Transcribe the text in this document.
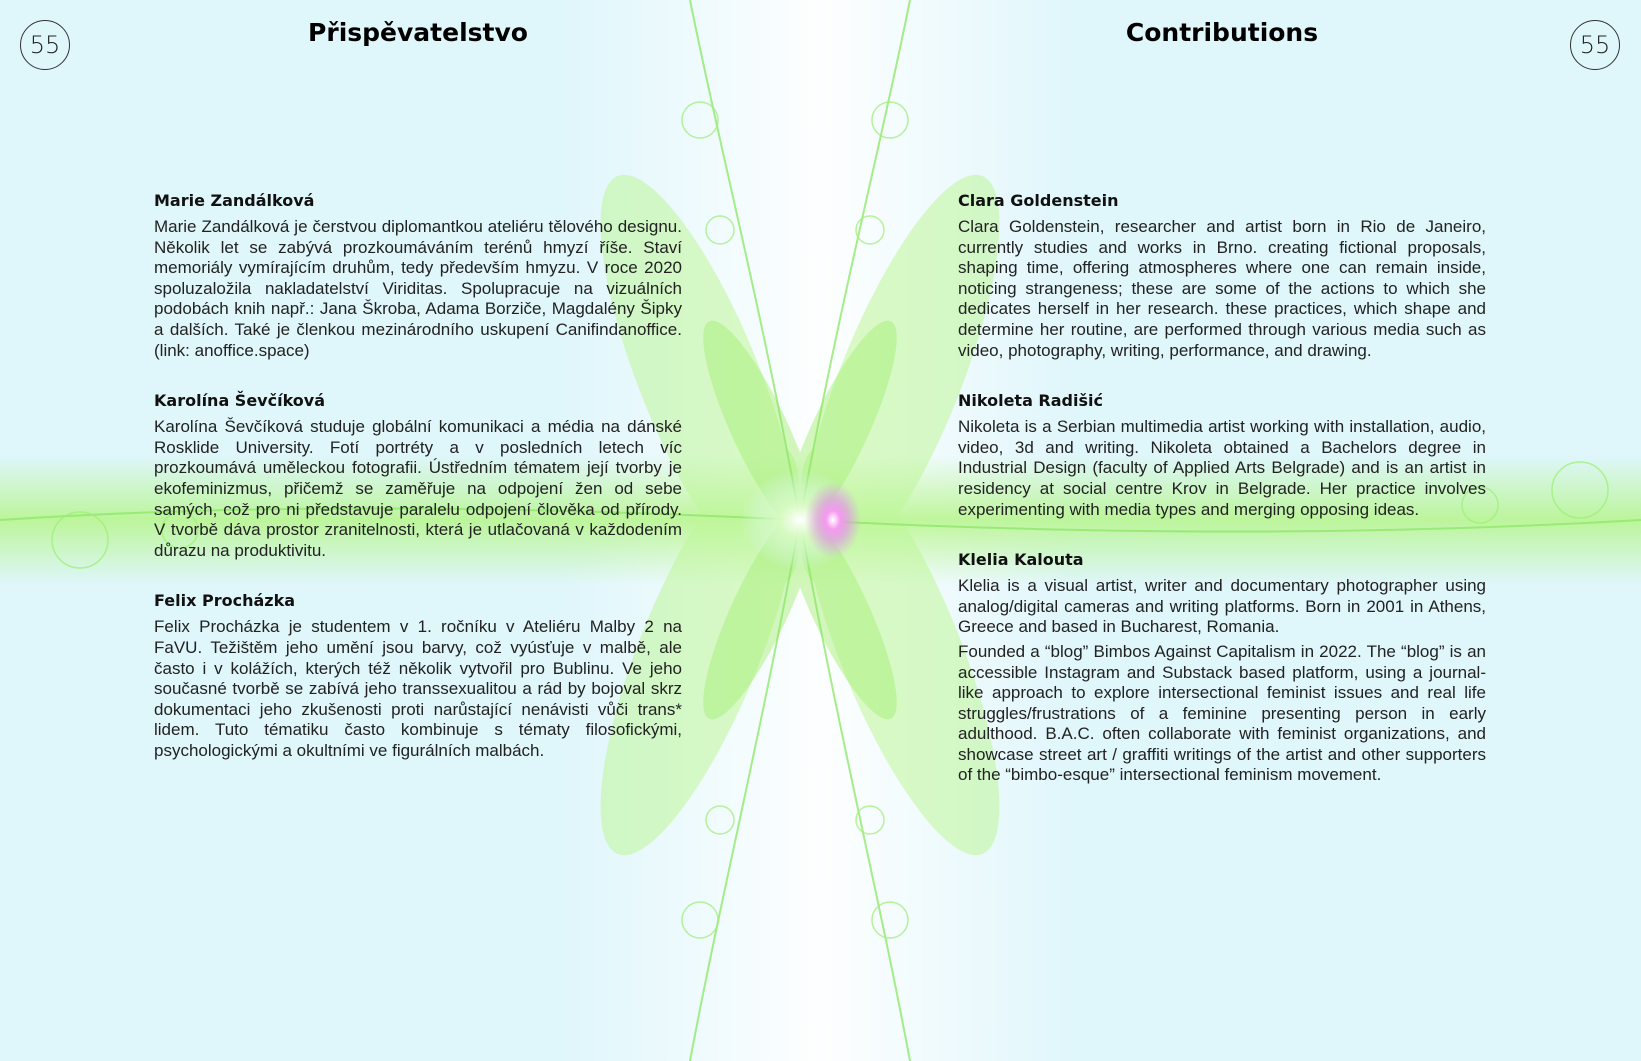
55	55
Přispěvatelstvo	Contributions
Marie Zandálková

Marie Zandálková je čerstvou diplomantkou ateliéru tělového designu. Několik let se zabývá prozkoumáváním terénů hmyzí říše. Staví memoriály vymírajícím druhům, tedy především hmyzu. V roce 2020 spoluzaložila nakladatelství Viriditas. Spolupracuje na vizuálních podobách knih např.: Jana Škroba, Adama Borziče, Magdalény Šipky a dalších. Také je členkou mezinárodního uskupení Canifindanoffice. (link: anoffice.space)

Karolína Ševčíková

Karolína Ševčíková studuje globální komunikaci a média na dánské Rosklide University. Fotí portréty a v posledních letech víc prozkoumává uměleckou fotografii. Ústředním tématem její tvorby je ekofeminizmus, přičemž se zaměřuje na odpojení žen od sebe samých, což pro ni představuje paralelu odpojení člověka od přírody. V tvorbě dáva prostor zranitelnosti, která je utlačovaná v každodením důrazu na produktivitu.

Felix Procházka

Felix Procházka je studentem v 1. ročníku v Ateliéru Malby 2 na FaVU. Težištěm jeho umění jsou barvy, což vyúsťuje v malbě, ale často i v kolážích, kterých též několik vytvořil pro Bublinu. Ve jeho současné tvorbě se zabívá jeho transsexualitou a rád by bojoval skrz dokumentaci jeho zkušenosti proti narůstající nenávisti vůči trans* lidem. Tuto tématiku často kombinuje s tématy filosofickými, psychologickými a okultními ve figurálních malbách.

Clara Goldenstein

Clara Goldenstein, researcher and artist born in Rio de Janeiro, currently studies and works in Brno. creating fictional proposals, shaping time, offering atmospheres where one can remain inside, noticing strangeness; these are some of the actions to which she dedicates herself in her research. these practices, which shape and determine her routine, are performed through various media such as video, photography, writing, performance, and drawing.

Nikoleta Radišić

Nikoleta is a Serbian multimedia artist working with installation, audio, video, 3d and writing. Nikoleta obtained a Bachelors degree in Industrial Design (faculty of Applied Arts Belgrade) and is an artist in residency at social centre Krov in Belgrade. Her practice involves experimenting with media types and merging opposing ideas.

Klelia Kalouta

Klelia is a visual artist, writer and documentary photographer using analog/digital cameras and writing platforms. Born in 2001 in Athens, Greece and based in Bucharest, Romania.

Founded a “blog” Bimbos Against Capitalism in 2022. The “blog” is an accessible Instagram and Substack based platform, using a journal-like approach to explore intersectional feminist issues and real life struggles/frustrations of a feminine presenting person in early adulthood. B.A.C. often collaborate with feminist organizations, and showcase street art / graffiti writings of the artist and other supporters of the “bimbo-esque” intersectional feminism movement.
